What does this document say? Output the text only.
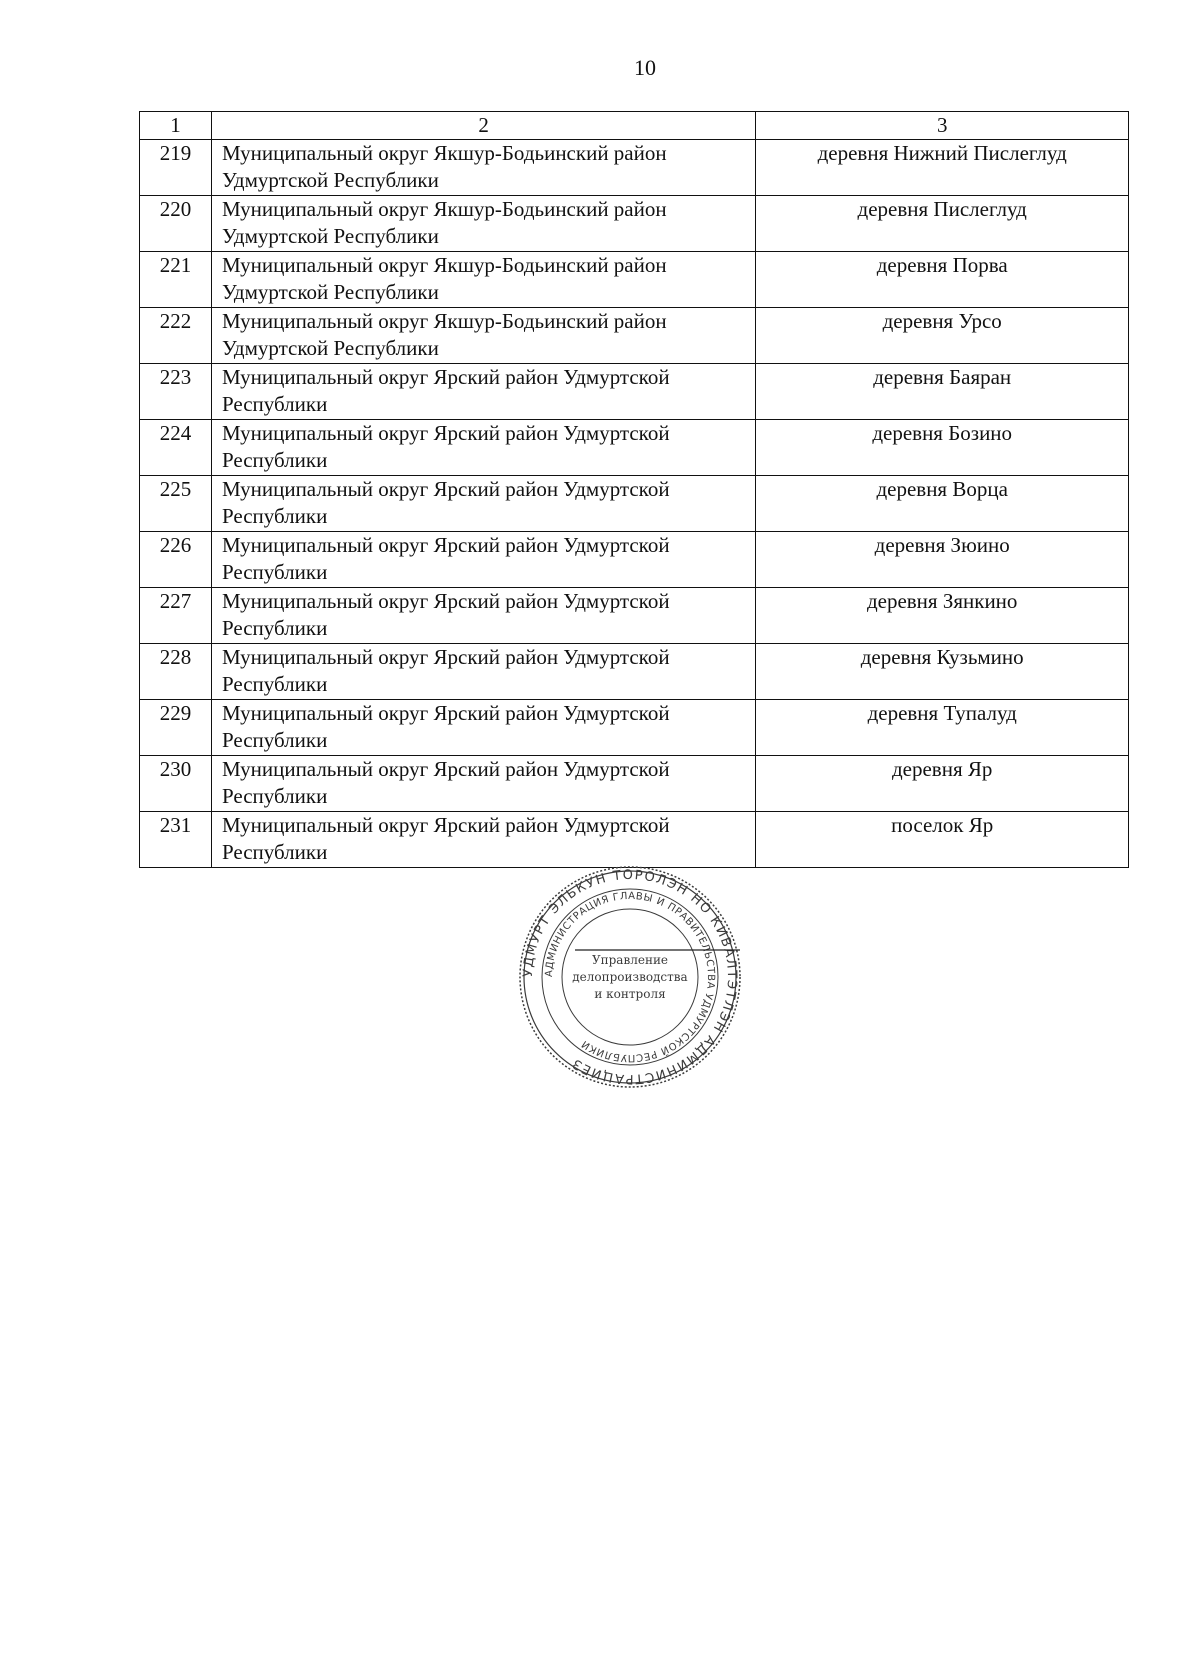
10
1	2	3
219	Муниципальный округ Якшур-Бодьинский район Удмуртской Республики	деревня Нижний Пислеглуд
220	Муниципальный округ Якшур-Бодьинский район Удмуртской Республики	деревня Пислеглуд
221	Муниципальный округ Якшур-Бодьинский район Удмуртской Республики	деревня Порва
222	Муниципальный округ Якшур-Бодьинский район Удмуртской Республики	деревня Урсо
223	Муниципальный округ Ярский район Удмуртской Республики	деревня Баяран
224	Муниципальный округ Ярский район Удмуртской Республики	деревня Бозино
225	Муниципальный округ Ярский район Удмуртской Республики	деревня Ворца
226	Муниципальный округ Ярский район Удмуртской Республики	деревня Зюино
227	Муниципальный округ Ярский район Удмуртской Республики	деревня Зянкино
228	Муниципальный округ Ярский район Удмуртской Республики	деревня Кузьмино
229	Муниципальный округ Ярский район Удмуртской Республики	деревня Тупалуд
230	Муниципальный округ Ярский район Удмуртской Республики	деревня Яр
231	Муниципальный округ Ярский район Удмуртской Республики	поселок Яр
УДМУРТ ЭЛЬКУН ТОРОЛЭН НО КИВАЛТЭТЛЭН АДМИНИСТРАЦИЕЗ
АДМИНИСТРАЦИЯ ГЛАВЫ И ПРАВИТЕЛЬСТВА УДМУРТСКОЙ РЕСПУБЛИКИ
Управление
делопроизводства
и контроля
